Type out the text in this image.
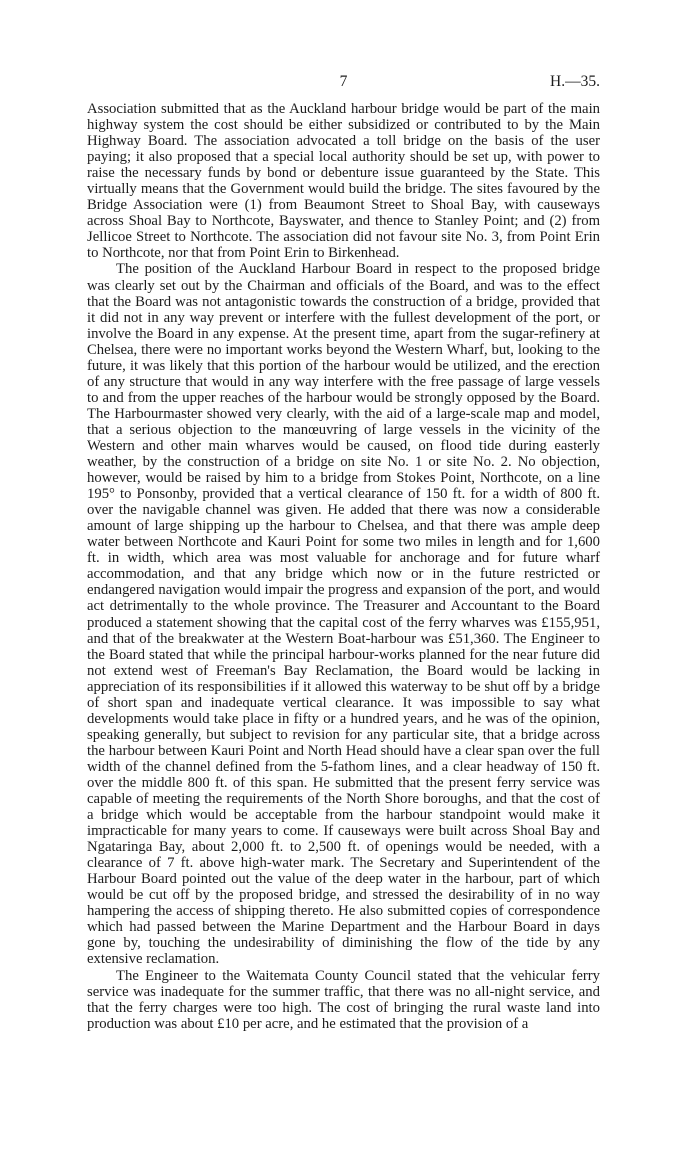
7	H.—35.

Association submitted that as the Auckland harbour bridge would be part of the main highway system the cost should be either subsidized or contributed to by the Main Highway Board. The association advocated a toll bridge on the basis of the user paying; it also proposed that a special local authority should be set up, with power to raise the necessary funds by bond or debenture issue guaranteed by the State. This virtually means that the Government would build the bridge. The sites favoured by the Bridge Association were (1) from Beaumont Street to Shoal Bay, with causeways across Shoal Bay to Northcote, Bayswater, and thence to Stanley Point; and (2) from Jellicoe Street to Northcote. The association did not favour site No. 3, from Point Erin to Northcote, nor that from Point Erin to Birkenhead.

The position of the Auckland Harbour Board in respect to the proposed bridge was clearly set out by the Chairman and officials of the Board, and was to the effect that the Board was not antagonistic towards the construction of a bridge, provided that it did not in any way prevent or interfere with the fullest development of the port, or involve the Board in any expense. At the present time, apart from the sugar-refinery at Chelsea, there were no important works beyond the Western Wharf, but, looking to the future, it was likely that this portion of the harbour would be utilized, and the erection of any structure that would in any way interfere with the free passage of large vessels to and from the upper reaches of the harbour would be strongly opposed by the Board. The Harbourmaster showed very clearly, with the aid of a large-scale map and model, that a serious objection to the manœuvring of large vessels in the vicinity of the Western and other main wharves would be caused, on flood tide during easterly weather, by the construction of a bridge on site No. 1 or site No. 2. No objection, however, would be raised by him to a bridge from Stokes Point, Northcote, on a line 195° to Ponsonby, provided that a vertical clearance of 150 ft. for a width of 800 ft. over the navigable channel was given. He added that there was now a considerable amount of large shipping up the harbour to Chelsea, and that there was ample deep water between Northcote and Kauri Point for some two miles in length and for 1,600 ft. in width, which area was most valuable for anchorage and for future wharf accommodation, and that any bridge which now or in the future restricted or endangered navigation would impair the progress and expansion of the port, and would act detrimentally to the whole province. The Treasurer and Accountant to the Board produced a statement showing that the capital cost of the ferry wharves was £155,951, and that of the breakwater at the Western Boat-harbour was £51,360. The Engineer to the Board stated that while the principal harbour-works planned for the near future did not extend west of Freeman's Bay Reclamation, the Board would be lacking in appreciation of its responsibilities if it allowed this waterway to be shut off by a bridge of short span and inadequate vertical clearance. It was impossible to say what developments would take place in fifty or a hundred years, and he was of the opinion, speaking generally, but subject to revision for any particular site, that a bridge across the harbour between Kauri Point and North Head should have a clear span over the full width of the channel defined from the 5-fathom lines, and a clear headway of 150 ft. over the middle 800 ft. of this span. He submitted that the present ferry service was capable of meeting the requirements of the North Shore boroughs, and that the cost of a bridge which would be acceptable from the harbour standpoint would make it impracticable for many years to come. If causeways were built across Shoal Bay and Ngataringa Bay, about 2,000 ft. to 2,500 ft. of openings would be needed, with a clearance of 7 ft. above high-water mark. The Secretary and Superintendent of the Harbour Board pointed out the value of the deep water in the harbour, part of which would be cut off by the proposed bridge, and stressed the desirability of in no way hampering the access of shipping thereto. He also submitted copies of correspondence which had passed between the Marine Department and the Harbour Board in days gone by, touching the undesirability of diminishing the flow of the tide by any extensive reclamation.

The Engineer to the Waitemata County Council stated that the vehicular ferry service was inadequate for the summer traffic, that there was no all-night service, and that the ferry charges were too high. The cost of bringing the rural waste land into production was about £10 per acre, and he estimated that the provision of a
